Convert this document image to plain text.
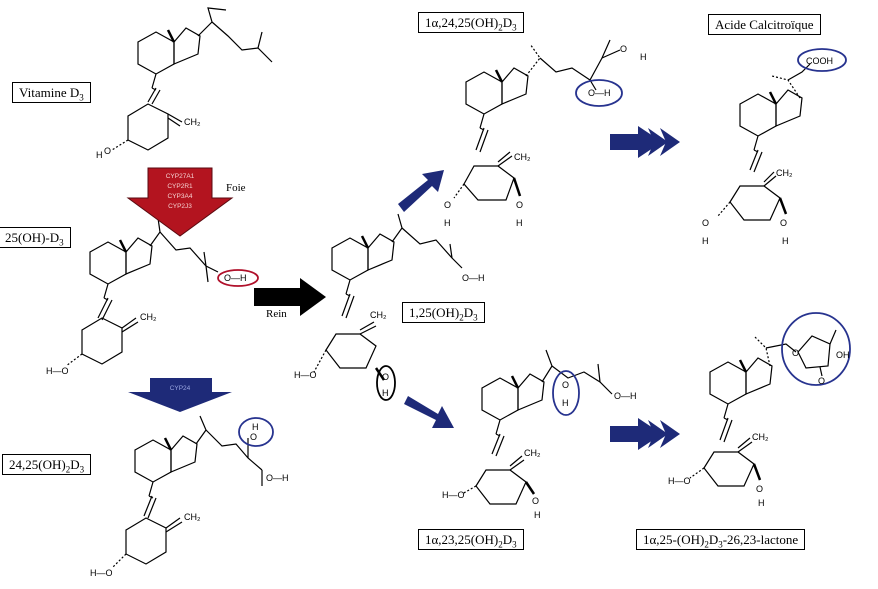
CH₂
H O
O—H
CH₂
H—O
H
O
O—H
CH₂
H—O
O—H
CH₂
H—O	O
H
O
H
O—H
CH₂
O
H
O
H
COOH
CH₂
O
H
O
H
O—H
O
H
CH₂
H—O
O
H
OH
O
O
CH₂
H—O
O
H
CYP27A1
CYP2R1
CYP3A4
CYP2J3
CYP24
Vitamine $D_3$
Foie
$25(OH)-D_3$
Rein
$24,25(OH)_2D_3$
$1,25(OH)_2D_3$
$1\alpha,24,25(OH)_2D_3$	Acide Calcitroïque
$1\alpha,23,25(OH)_2D_3$	$1\alpha,25-(OH)_2D_3-26,23$-lactone
